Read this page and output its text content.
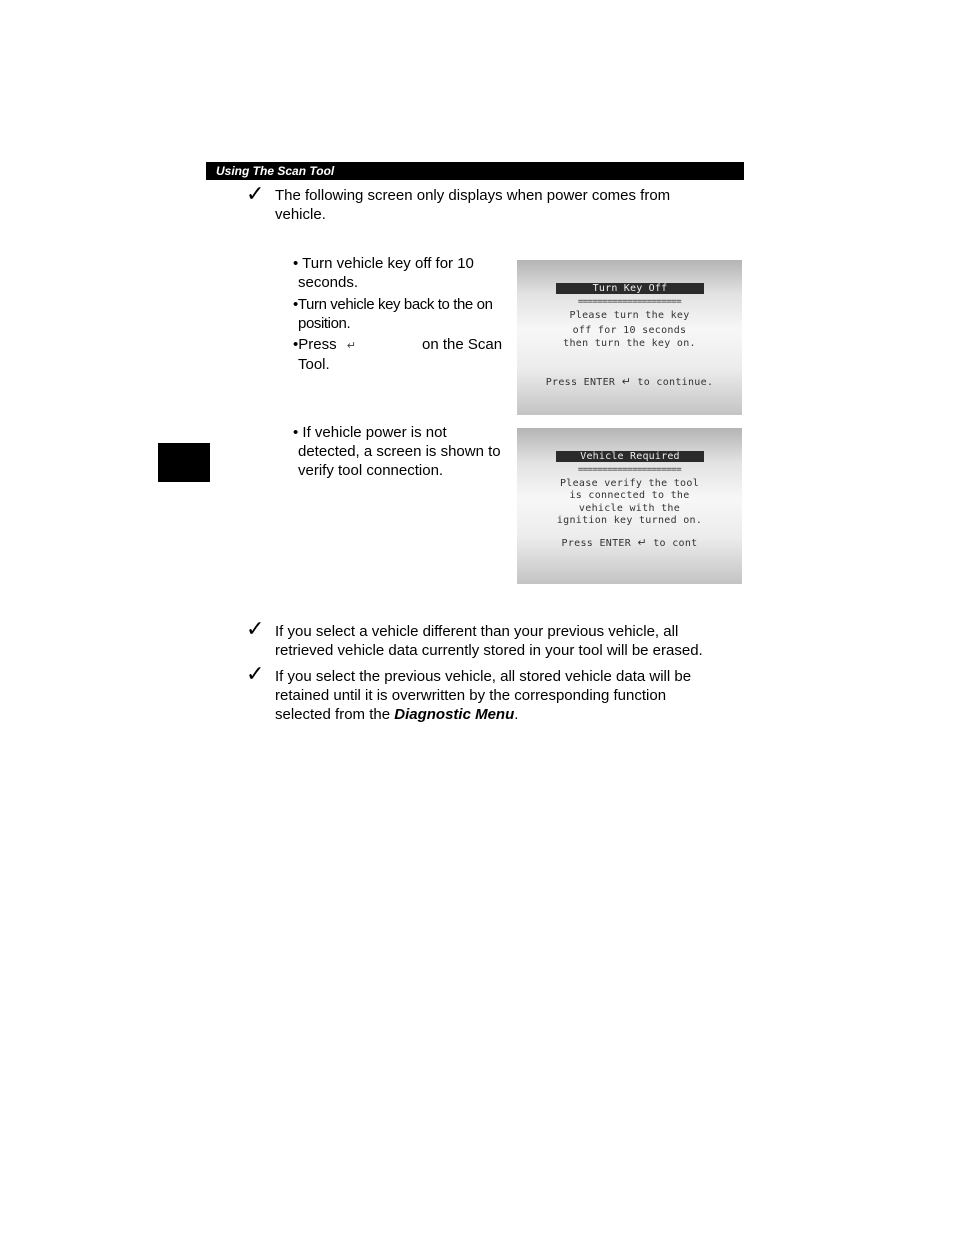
Using The Scan Tool
✓ The following screen only displays when power comes from
vehicle.
• Turn vehicle key off for 10
seconds.
•Turn vehicle key back to the on
position.
•Press ↵	on the Scan
Tool.
Turn Key Off
=====================
Please turn the key
off for 10 seconds
then turn the key on.
Press ENTER ↵ to continue.
• If vehicle power is not
detected, a screen is shown to
verify tool connection.
Vehicle Required
=====================
Please verify the tool
is connected to the
vehicle with the
ignition key turned on.
Press ENTER ↵ to cont
✓ If you select a vehicle different than your previous vehicle, all
retrieved vehicle data currently stored in your tool will be erased.
✓ If you select the previous vehicle, all stored vehicle data will be
retained until it is overwritten by the corresponding function
selected from the Diagnostic Menu.
